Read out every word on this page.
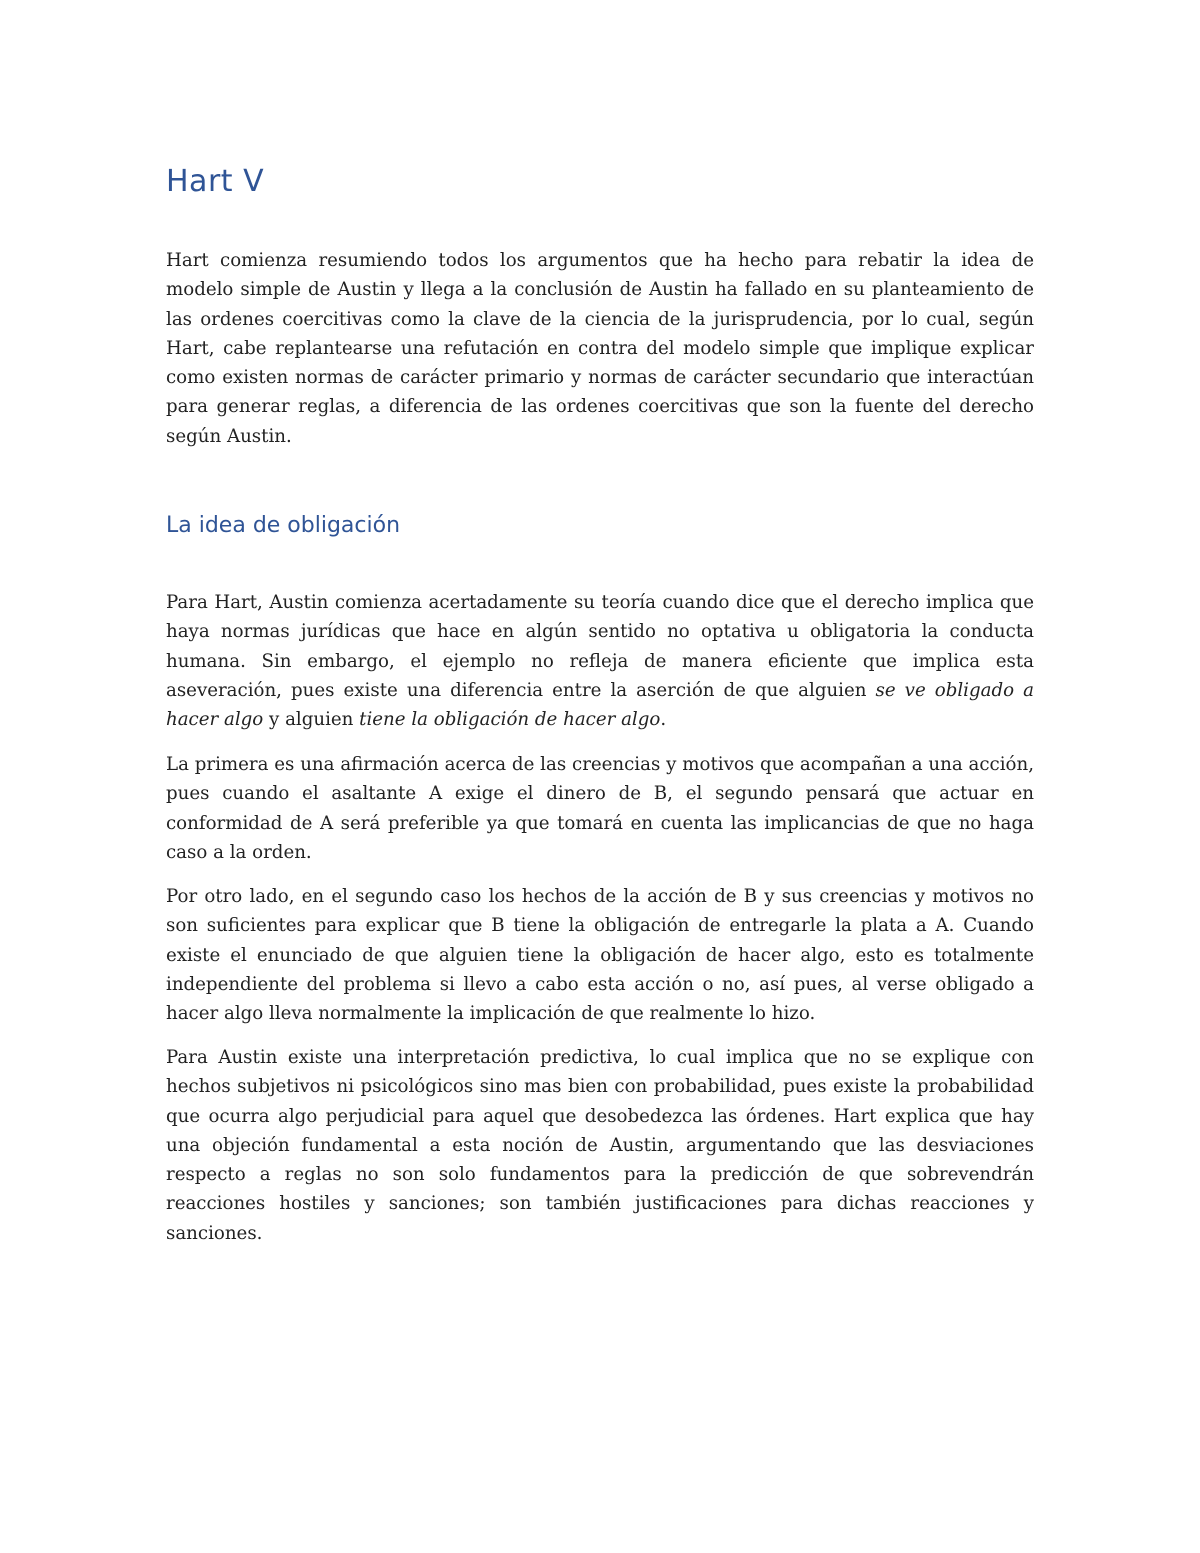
Hart V

Hart comienza resumiendo todos los argumentos que ha hecho para rebatir la idea de modelo simple de Austin y llega a la conclusión de Austin ha fallado en su planteamiento de las ordenes coercitivas como la clave de la ciencia de la jurisprudencia, por lo cual, según Hart, cabe replantearse una refutación en contra del modelo simple que implique explicar como existen normas de carácter primario y normas de carácter secundario que interactúan para generar reglas, a diferencia de las ordenes coercitivas que son la fuente del derecho según Austin.

La idea de obligación

Para Hart, Austin comienza acertadamente su teoría cuando dice que el derecho implica que haya normas jurídicas que hace en algún sentido no optativa u obligatoria la conducta humana. Sin embargo, el ejemplo no refleja de manera eficiente que implica esta aseveración, pues existe una diferencia entre la aserción de que alguien se ve obligado a hacer algo y alguien tiene la obligación de hacer algo.

La primera es una afirmación acerca de las creencias y motivos que acompañan a una acción, pues cuando el asaltante A exige el dinero de B, el segundo pensará que actuar en conformidad de A será preferible ya que tomará en cuenta las implicancias de que no haga caso a la orden.

Por otro lado, en el segundo caso los hechos de la acción de B y sus creencias y motivos no son suficientes para explicar que B tiene la obligación de entregarle la plata a A. Cuando existe el enunciado de que alguien tiene la obligación de hacer algo, esto es totalmente independiente del problema si llevo a cabo esta acción o no, así pues, al verse obligado a hacer algo lleva normalmente la implicación de que realmente lo hizo.

Para Austin existe una interpretación predictiva, lo cual implica que no se explique con hechos subjetivos ni psicológicos sino mas bien con probabilidad, pues existe la probabilidad que ocurra algo perjudicial para aquel que desobedezca las órdenes. Hart explica que hay una objeción fundamental a esta noción de Austin, argumentando que las desviaciones respecto a reglas no son solo fundamentos para la predicción de que sobrevendrán reacciones hostiles y sanciones; son también justificaciones para dichas reacciones y sanciones.
